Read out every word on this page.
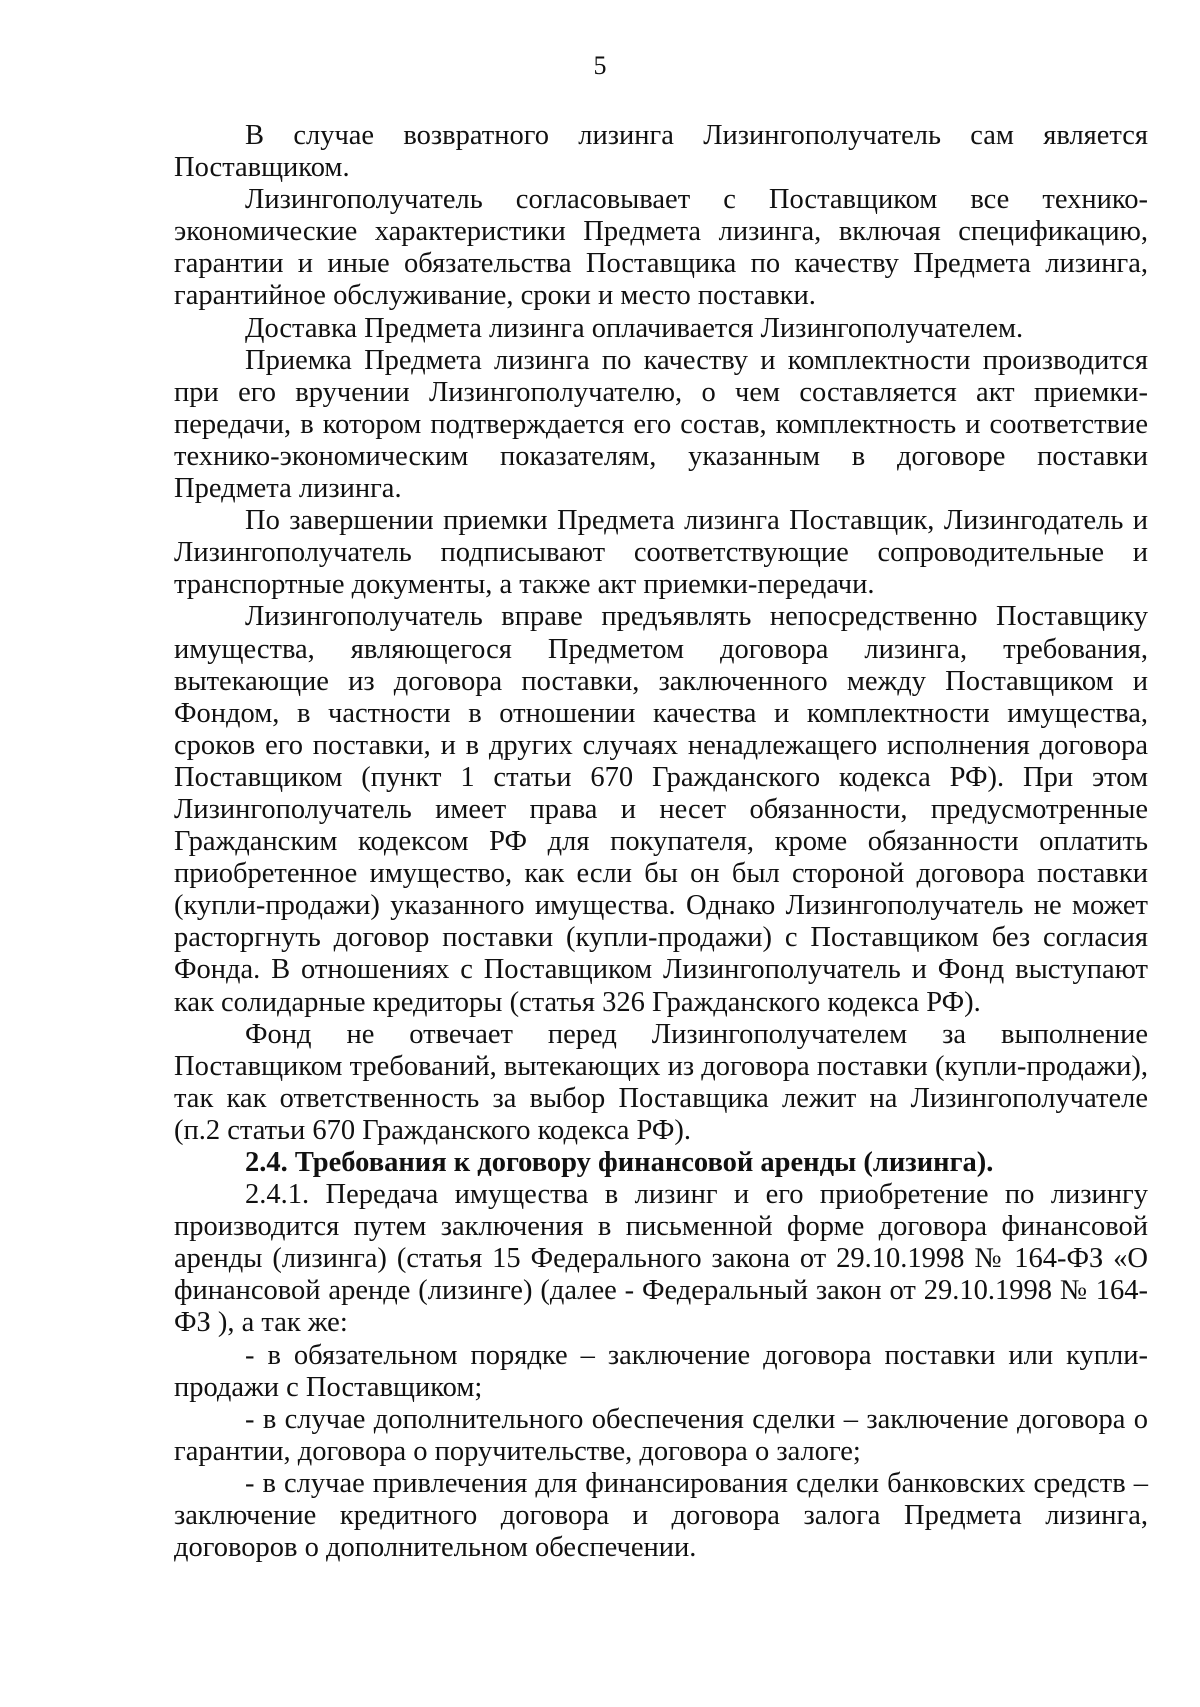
5

В случае возвратного лизинга Лизингополучатель сам является Поставщиком.

Лизингополучатель согласовывает с Поставщиком все технико-экономические характеристики Предмета лизинга, включая спецификацию, гарантии и иные обязательства Поставщика по качеству Предмета лизинга, гарантийное обслуживание, сроки и место поставки.

Доставка Предмета лизинга оплачивается Лизингополучателем.

Приемка Предмета лизинга по качеству и комплектности производится при его вручении Лизингополучателю, о чем составляется акт приемки-передачи, в котором подтверждается его состав, комплектность и соответствие технико-экономическим показателям, указанным в договоре поставки Предмета лизинга.

По завершении приемки Предмета лизинга Поставщик, Лизингодатель и Лизингополучатель подписывают соответствующие сопроводительные и транспортные документы, а также акт приемки-передачи.

Лизингополучатель вправе предъявлять непосредственно Поставщику имущества, являющегося Предметом договора лизинга, требования, вытекающие из договора поставки, заключенного между Поставщиком и Фондом, в частности в отношении качества и комплектности имущества, сроков его поставки, и в других случаях ненадлежащего исполнения договора Поставщиком (пункт 1 статьи 670 Гражданского кодекса РФ). При этом Лизингополучатель имеет права и несет обязанности, предусмотренные Гражданским кодексом РФ для покупателя, кроме обязанности оплатить приобретенное имущество, как если бы он был стороной договора поставки (купли-продажи) указанного имущества. Однако Лизингополучатель не может расторгнуть договор поставки (купли-продажи) с Поставщиком без согласия Фонда. В отношениях с Поставщиком Лизингополучатель и Фонд выступают как солидарные кредиторы (статья 326 Гражданского кодекса РФ).

Фонд не отвечает перед Лизингополучателем за выполнение Поставщиком требований, вытекающих из договора поставки (купли-продажи), так как ответственность за выбор Поставщика лежит на Лизингополучателе (п.2 статьи 670 Гражданского кодекса РФ).

2.4. Требования к договору финансовой аренды (лизинга).

2.4.1. Передача имущества в лизинг и его приобретение по лизингу производится путем заключения в письменной форме договора финансовой аренды (лизинга) (статья 15 Федерального закона от 29.10.1998 № 164-ФЗ «О финансовой аренде (лизинге) (далее - Федеральный закон от 29.10.1998 № 164-ФЗ ), а так же:

- в обязательном порядке – заключение договора поставки или купли-продажи с Поставщиком;

- в случае дополнительного обеспечения сделки – заключение договора о гарантии, договора о поручительстве, договора о залоге;

- в случае привлечения для финансирования сделки банковских средств – заключение кредитного договора и договора залога Предмета лизинга, договоров о дополнительном обеспечении.
